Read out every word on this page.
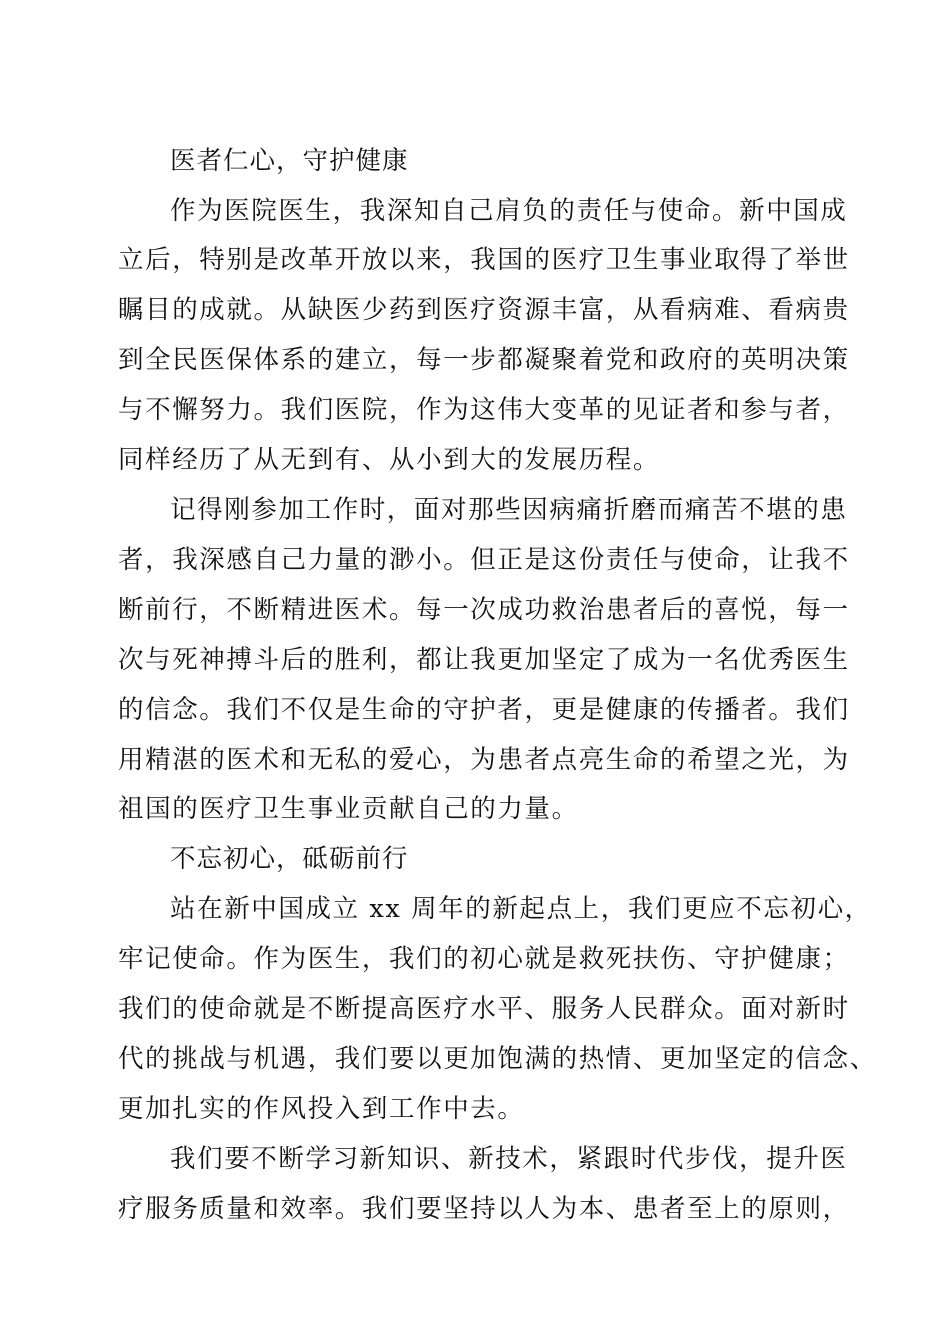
医者仁心，守护健康

作为医院医生，我深知自己肩负的责任与使命。新中国成

立后，特别是改革开放以来，我国的医疗卫生事业取得了举世

瞩目的成就。从缺医少药到医疗资源丰富，从看病难、看病贵

到全民医保体系的建立，每一步都凝聚着党和政府的英明决策

与不懈努力。我们医院，作为这伟大变革的见证者和参与者，

同样经历了从无到有、从小到大的发展历程。

记得刚参加工作时，面对那些因病痛折磨而痛苦不堪的患

者，我深感自己力量的渺小。但正是这份责任与使命，让我不

断前行，不断精进医术。每一次成功救治患者后的喜悦，每一

次与死神搏斗后的胜利，都让我更加坚定了成为一名优秀医生

的信念。我们不仅是生命的守护者，更是健康的传播者。我们

用精湛的医术和无私的爱心，为患者点亮生命的希望之光，为

祖国的医疗卫生事业贡献自己的力量。

不忘初心，砥砺前行

站在新中国成立 xx 周年的新起点上，我们更应不忘初心，

牢记使命。作为医生，我们的初心就是救死扶伤、守护健康；

我们的使命就是不断提高医疗水平、服务人民群众。面对新时

代的挑战与机遇，我们要以更加饱满的热情、更加坚定的信念、

更加扎实的作风投入到工作中去。

我们要不断学习新知识、新技术，紧跟时代步伐，提升医

疗服务质量和效率。我们要坚持以人为本、患者至上的原则，
